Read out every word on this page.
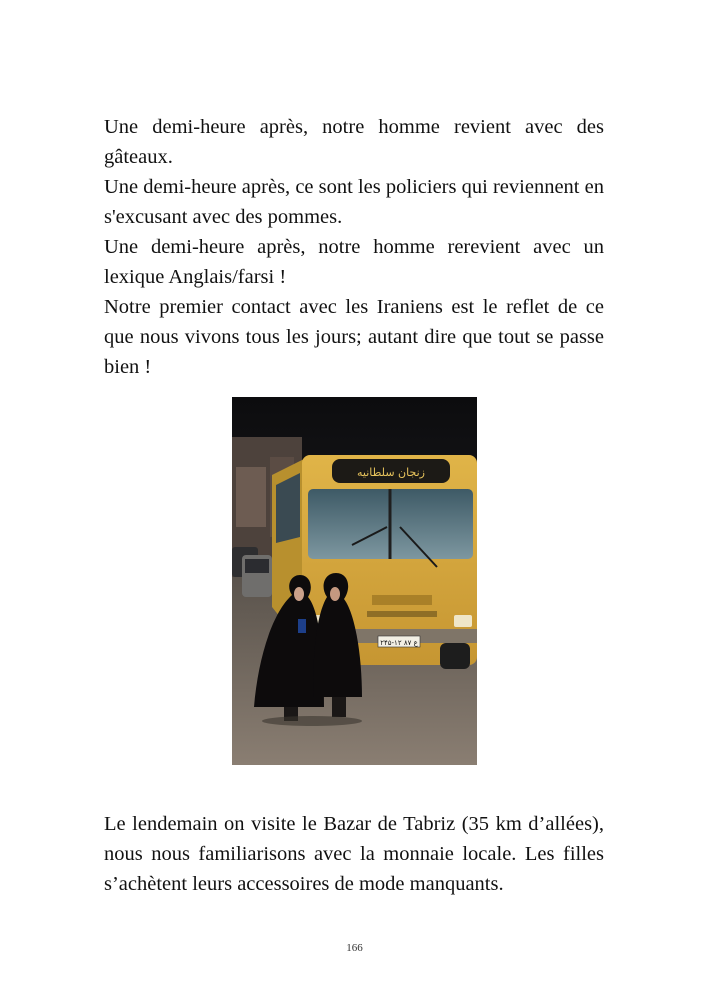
Une demi-heure après, notre homme revient avec des gâteaux.

Une demi-heure après, ce sont les policiers qui reviennent en s'excusant avec des pommes.

Une demi-heure après, notre homme rerevient avec un lexique Anglais/farsi !

Notre premier contact avec les Iraniens est le reflet de ce que nous vivons tous les jours; autant dire que tout se passe bien !

زنجان سلطانیه
۲۴۵-۱۲ ع ۸۷

Le lendemain on visite le Bazar de Tabriz (35 km d’allées), nous nous familiarisons avec la monnaie locale. Les filles s’achètent leurs accessoires de mode manquants.

166
